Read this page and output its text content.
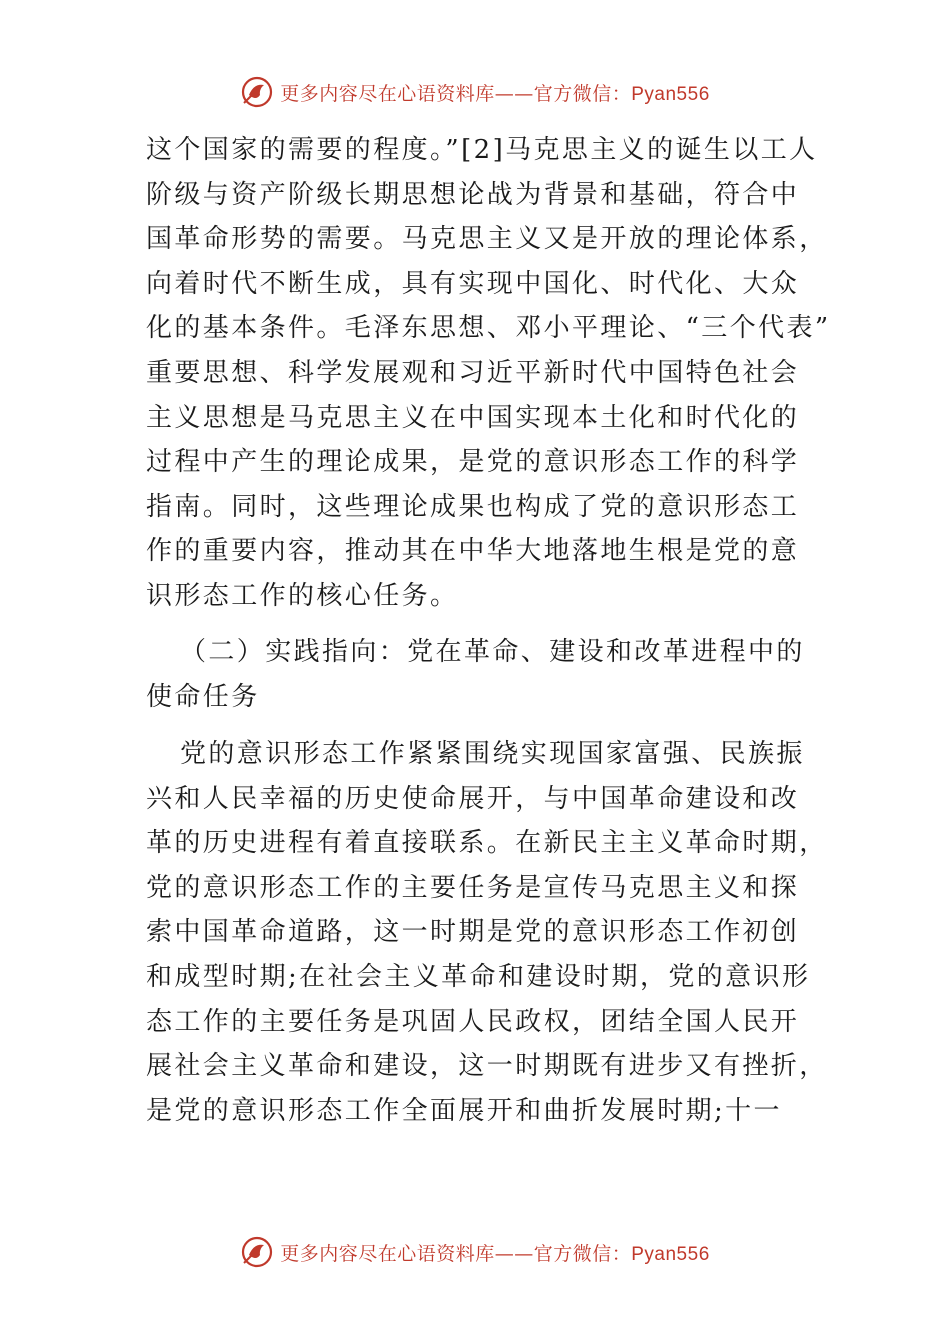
更多内容尽在心语资料库——官方微信：Pyan556
这个国家的需要的程度。”[2]马克思主义的诞生以工人
阶级与资产阶级长期思想论战为背景和基础，符合中
国革命形势的需要。马克思主义又是开放的理论体系，
向着时代不断生成，具有实现中国化、时代化、大众
化的基本条件。毛泽东思想、邓小平理论、“三个代表”
重要思想、科学发展观和习近平新时代中国特色社会
主义思想是马克思主义在中国实现本土化和时代化的
过程中产生的理论成果，是党的意识形态工作的科学
指南。同时，这些理论成果也构成了党的意识形态工
作的重要内容，推动其在中华大地落地生根是党的意
识形态工作的核心任务。
（二）实践指向：党在革命、建设和改革进程中的
使命任务
党的意识形态工作紧紧围绕实现国家富强、民族振
兴和人民幸福的历史使命展开，与中国革命建设和改
革的历史进程有着直接联系。在新民主主义革命时期，
党的意识形态工作的主要任务是宣传马克思主义和探
索中国革命道路，这一时期是党的意识形态工作初创
和成型时期;在社会主义革命和建设时期，党的意识形
态工作的主要任务是巩固人民政权，团结全国人民开
展社会主义革命和建设，这一时期既有进步又有挫折，
是党的意识形态工作全面展开和曲折发展时期;十一
更多内容尽在心语资料库——官方微信：Pyan556
